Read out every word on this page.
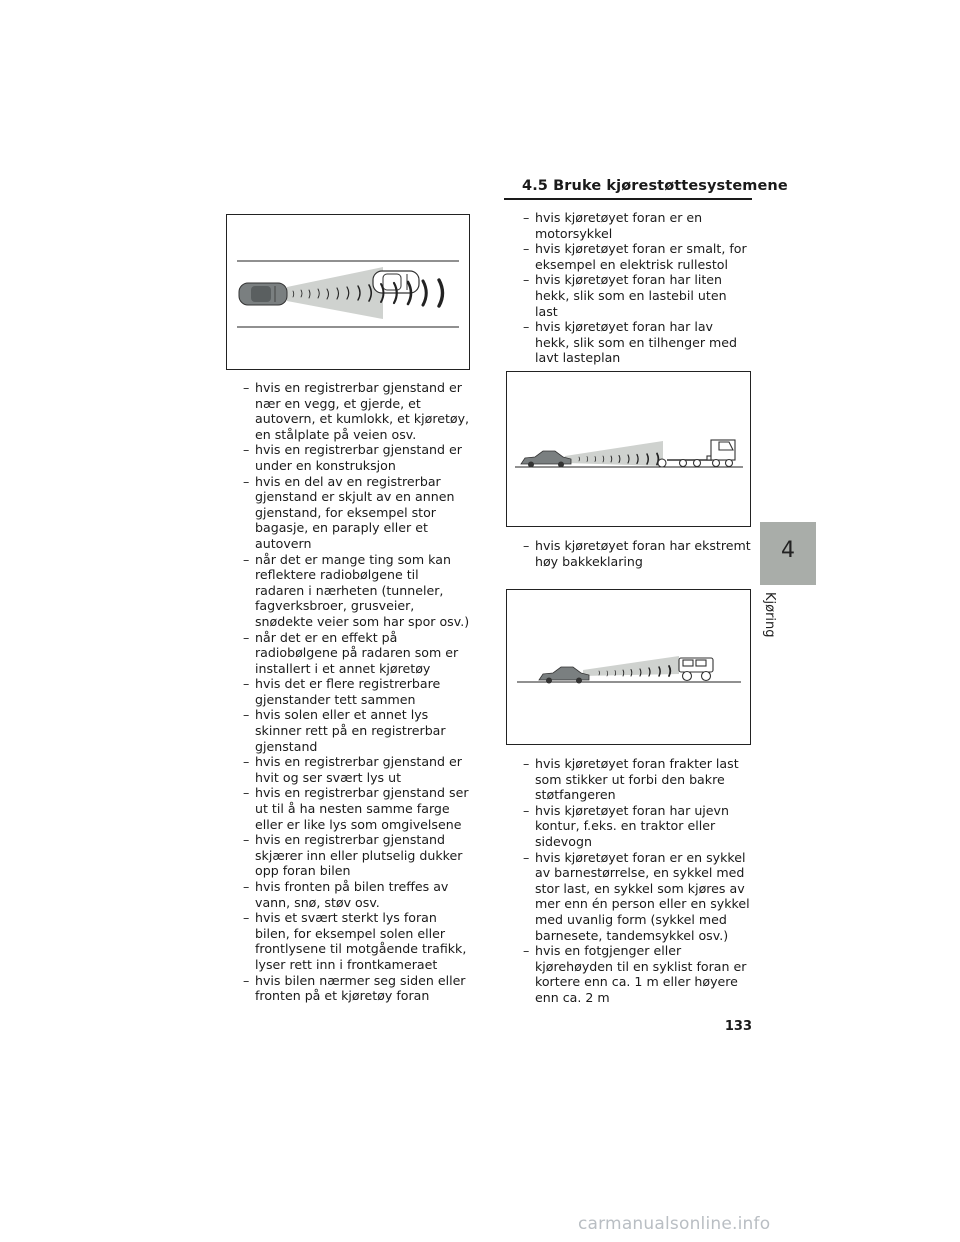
4.5 Bruke kjørestøttesystemene
– hvis en registrerbar gjenstand er nær en vegg, et gjerde, et autovern, et kumlokk, et kjøretøy, en stålplate på veien osv.
– hvis en registrerbar gjenstand er under en konstruksjon
– hvis en del av en registrerbar gjenstand er skjult av en annen gjenstand, for eksempel stor bagasje, en paraply eller et autovern
– når det er mange ting som kan reflektere radiobølgene til radaren i nærheten (tunneler, fagverksbroer, grusveier, snødekte veier som har spor osv.)
– når det er en effekt på radiobølgene på radaren som er installert i et annet kjøretøy
– hvis det er flere registrerbare gjenstander tett sammen
– hvis solen eller et annet lys skinner rett på en registrerbar gjenstand
– hvis en registrerbar gjenstand er hvit og ser svært lys ut
– hvis en registrerbar gjenstand ser ut til å ha nesten samme farge eller er like lys som omgivelsene
– hvis en registrerbar gjenstand skjærer inn eller plutselig dukker opp foran bilen
– hvis fronten på bilen treffes av vann, snø, støv osv.
– hvis et svært sterkt lys foran bilen, for eksempel solen eller frontlysene til motgående trafikk, lyser rett inn i frontkameraet
– hvis bilen nærmer seg siden eller fronten på et kjøretøy foran
– hvis kjøretøyet foran er en motorsykkel
– hvis kjøretøyet foran er smalt, for eksempel en elektrisk rullestol
– hvis kjøretøyet foran har liten hekk, slik som en lastebil uten last
– hvis kjøretøyet foran har lav hekk, slik som en tilhenger med lavt lasteplan
– hvis kjøretøyet foran har ekstremt høy bakkeklaring
– hvis kjøretøyet foran frakter last som stikker ut forbi den bakre støtfangeren
– hvis kjøretøyet foran har ujevn kontur, f.eks. en traktor eller sidevogn
– hvis kjøretøyet foran er en sykkel av barnestørrelse, en sykkel med stor last, en sykkel som kjøres av mer enn én person eller en sykkel med uvanlig form (sykkel med barnesete, tandemsykkel osv.)
– hvis en fotgjenger eller kjørehøyden til en syklist foran er kortere enn ca. 1 m eller høyere enn ca. 2 m
4
Kjøring
133
carmanualsonline.info
